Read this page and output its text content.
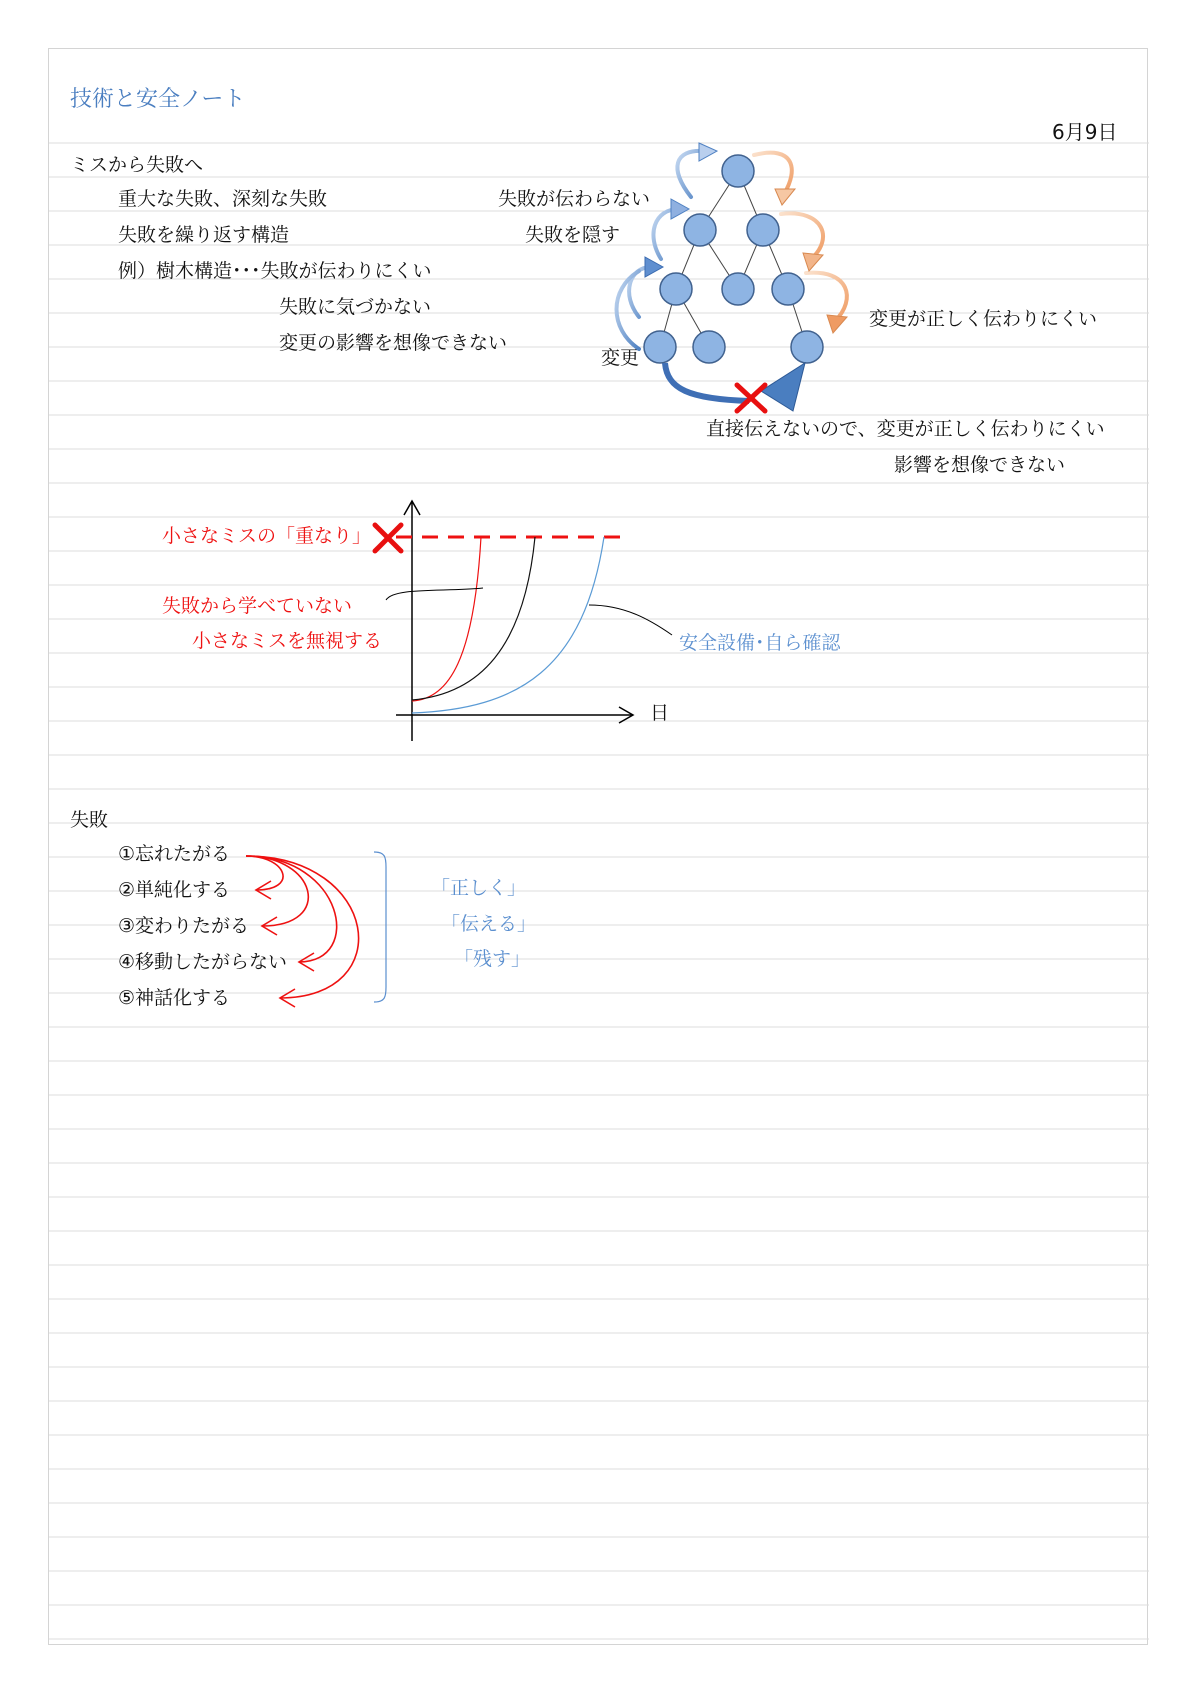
技術と安全ノート
6月9日
ミスから失敗へ
重大な失敗、深刻な失敗
失敗を繰り返す構造
例）樹木構造･･･失敗が伝わりにくい
失敗に気づかない
変更の影響を想像できない
失敗が伝わらない
失敗を隠す
変更
変更が正しく伝わりにくい
直接伝えないので、変更が正しく伝わりにくい
影響を想像できない
小さなミスの「重なり」
失敗から学べていない
小さなミスを無視する	安全設備･自ら確認
日
失敗
①忘れたがる
②単純化する
③変わりたがる
④移動したがらない
⑤神話化する
「正しく」
「伝える」
「残す」
